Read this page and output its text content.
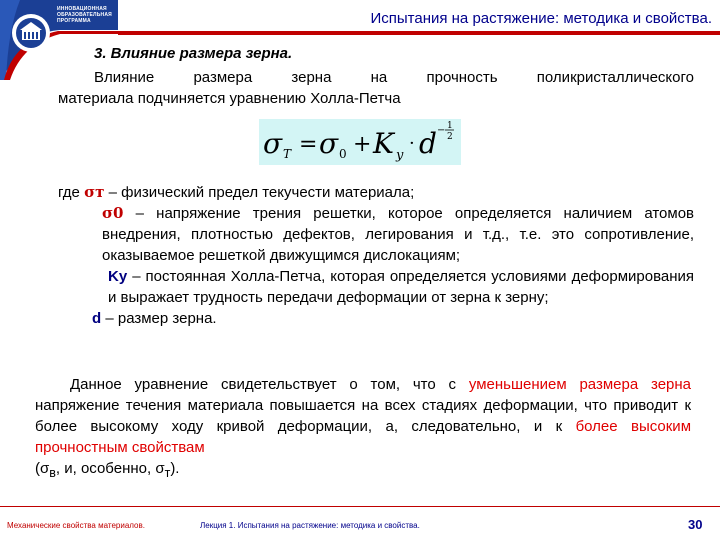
ИННОВАЦИОННАЯ
ОБРАЗОВАТЕЛЬНАЯ
ПРОГРАММА	Испытания на растяжение: методика и свойства.
3. Влияние размера зерна.
Влияние	размера	зерна	на	прочность	поликристаллического
материала подчиняется уравнению Холла-Петча
σ T = σ 0 + K y
· d − 1
2

где σт – физический предел текучести материала;

σ0 – напряжение трения решетки, которое определяется наличием атомов внедрения, плотностью дефектов, легирования и т.д., т.е. это сопротивление, оказываемое решеткой движущимся дислокациям;

Ky – постоянная Холла-Петча, которая определяется условиями деформирования и выражает трудность передачи деформации от зерна к зерну;

d – размер зерна.

Данное уравнение свидетельствует о том, что с уменьшением размера зерна напряжение течения материала повышается на всех стадиях деформации, что приводит к более высокому ходу кривой деформации, а, следовательно, и к более высоким прочностным свойствам
($\sigma_в$, и, особенно, $\sigma_т$).
Механические свойства материалов.	Лекция 1. Испытания на растяжение: методика и свойства.	30
